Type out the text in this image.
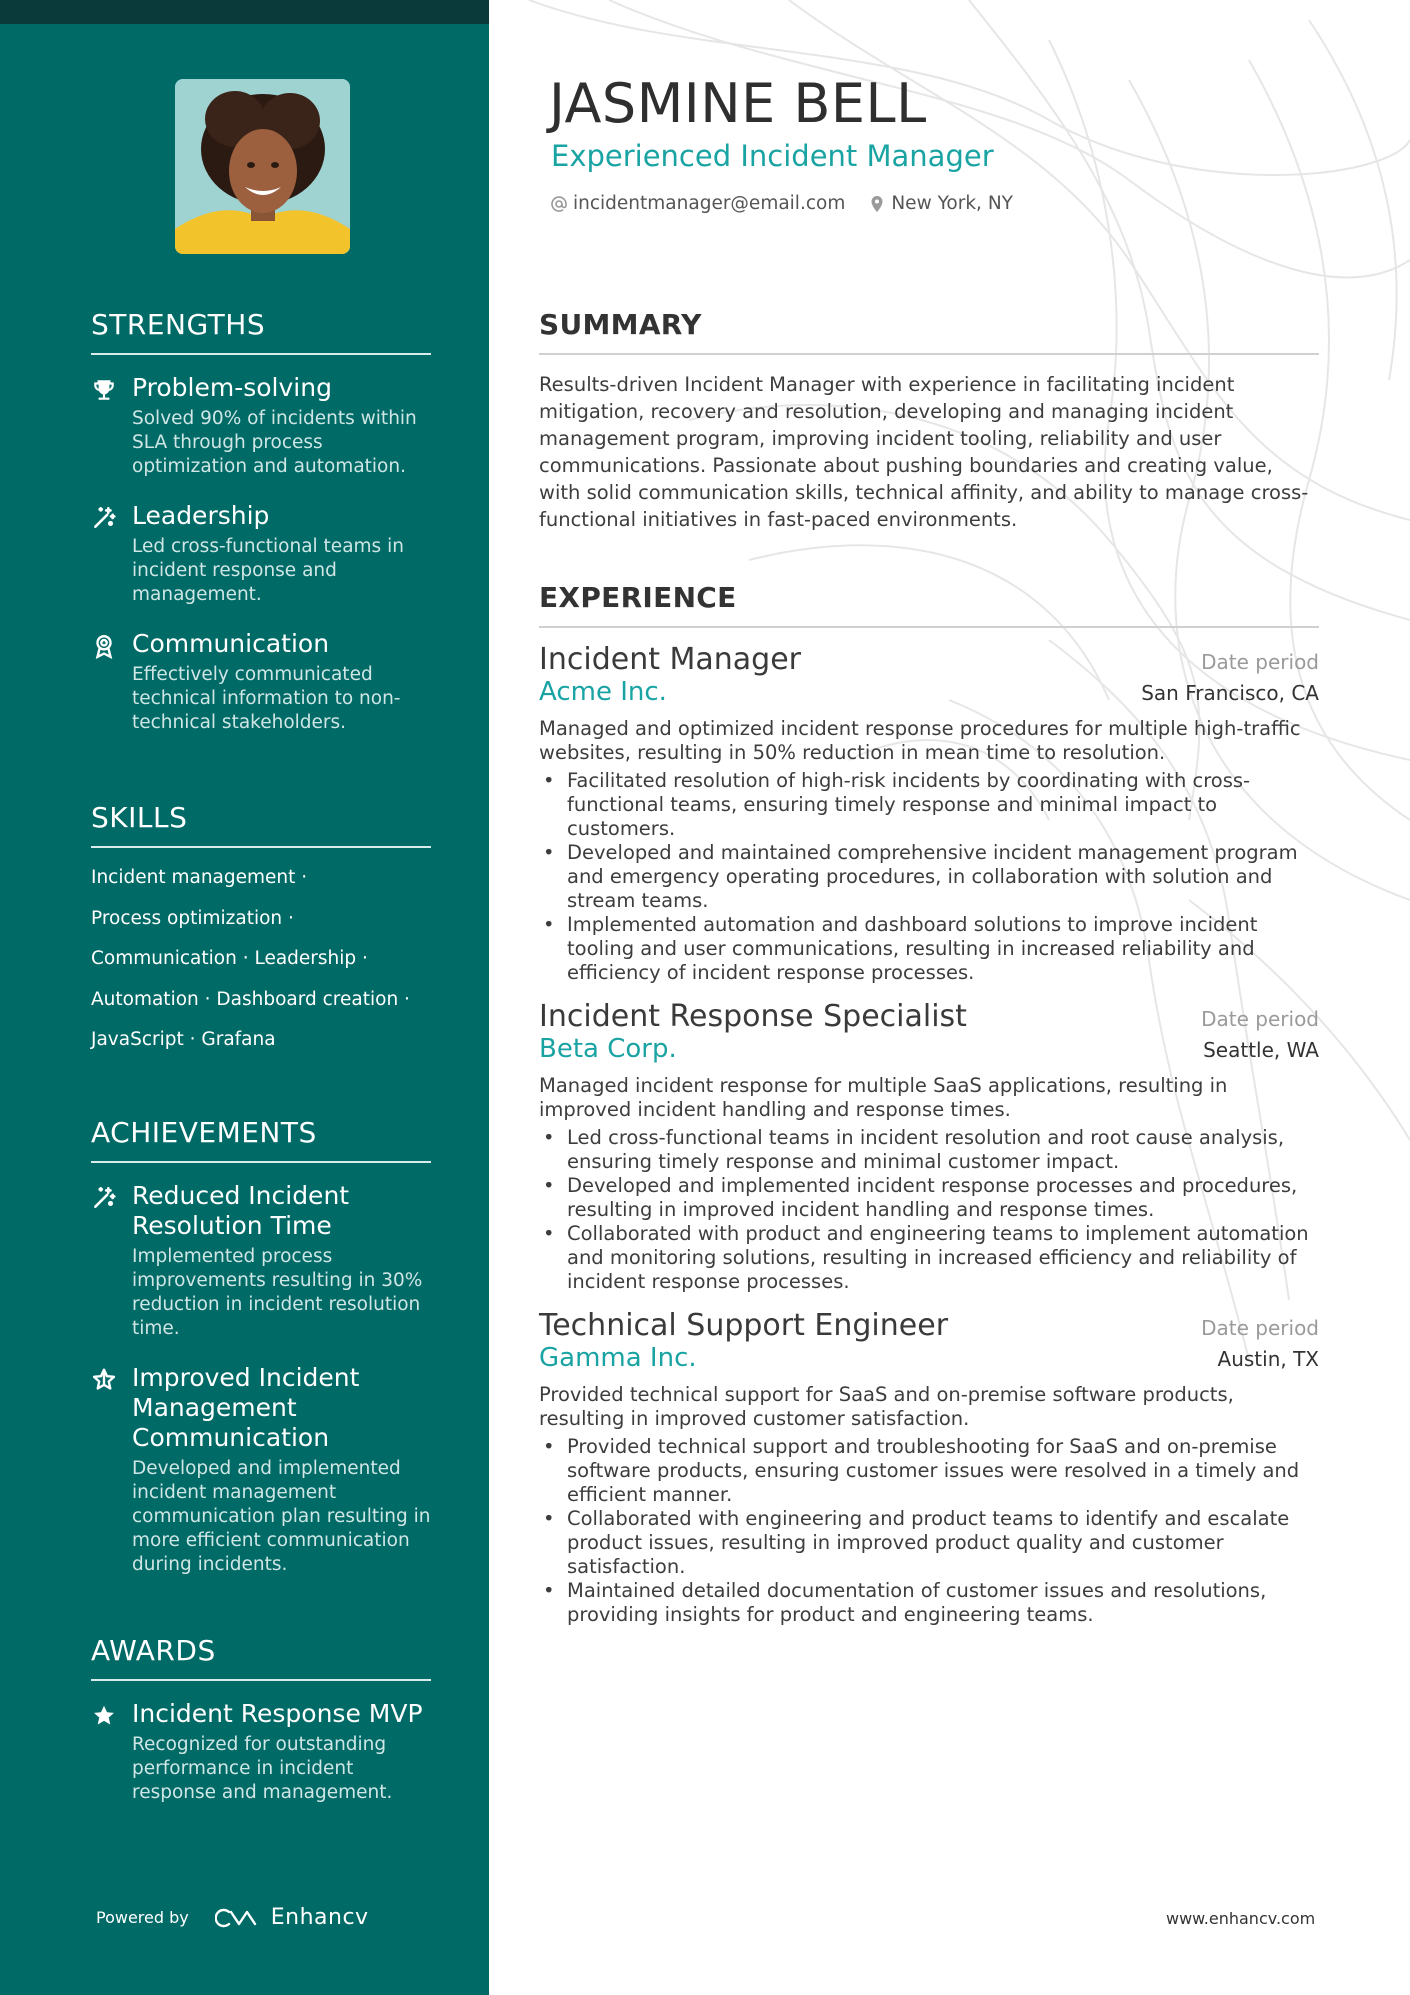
STRENGTHS
Problem-solving
Solved 90% of incidents within SLA through process optimization and automation.
Leadership
Led cross-functional teams in incident response and management.
Communication
Effectively communicated technical information to non-technical stakeholders.
SKILLS
Incident management ·
Process optimization ·
Communication · Leadership ·
Automation · Dashboard creation ·
JavaScript · Grafana
ACHIEVEMENTS
Reduced Incident Resolution Time
Implemented process improvements resulting in 30% reduction in incident resolution time.
Improved Incident Management Communication
Developed and implemented incident management communication plan resulting in more efficient communication during incidents.
AWARDS
Incident Response MVP
Recognized for outstanding performance in incident response and management.
Powered by	Enhancv
JASMINE BELL
Experienced Incident Manager
incidentmanager@email.com New York, NY
SUMMARY

Results-driven Incident Manager with experience in facilitating incident mitigation, recovery and resolution, developing and managing incident management program, improving incident tooling, reliability and user communications. Passionate about pushing boundaries and creating value, with solid communication skills, technical affinity, and ability to manage cross-functional initiatives in fast-paced environments.

EXPERIENCE
Incident Manager	Date period
Acme Inc.	San Francisco, CA

Managed and optimized incident response procedures for multiple high-traffic websites, resulting in 50% reduction in mean time to resolution.

• Facilitated resolution of high-risk incidents by coordinating with cross-functional teams, ensuring timely response and minimal impact to customers.
• Developed and maintained comprehensive incident management program and emergency operating procedures, in collaboration with solution and stream teams.
• Implemented automation and dashboard solutions to improve incident tooling and user communications, resulting in increased reliability and efficiency of incident response processes.
Incident Response Specialist	Date period
Beta Corp.	Seattle, WA

Managed incident response for multiple SaaS applications, resulting in improved incident handling and response times.

• Led cross-functional teams in incident resolution and root cause analysis, ensuring timely response and minimal customer impact.
• Developed and implemented incident response processes and procedures, resulting in improved incident handling and response times.
• Collaborated with product and engineering teams to implement automation and monitoring solutions, resulting in increased efficiency and reliability of incident response processes.
Technical Support Engineer	Date period
Gamma Inc.	Austin, TX

Provided technical support for SaaS and on-premise software products, resulting in improved customer satisfaction.

• Provided technical support and troubleshooting for SaaS and on-premise software products, ensuring customer issues were resolved in a timely and efficient manner.
• Collaborated with engineering and product teams to identify and escalate product issues, resulting in improved product quality and customer satisfaction.
• Maintained detailed documentation of customer issues and resolutions, providing insights for product and engineering teams.
www.enhancv.com
